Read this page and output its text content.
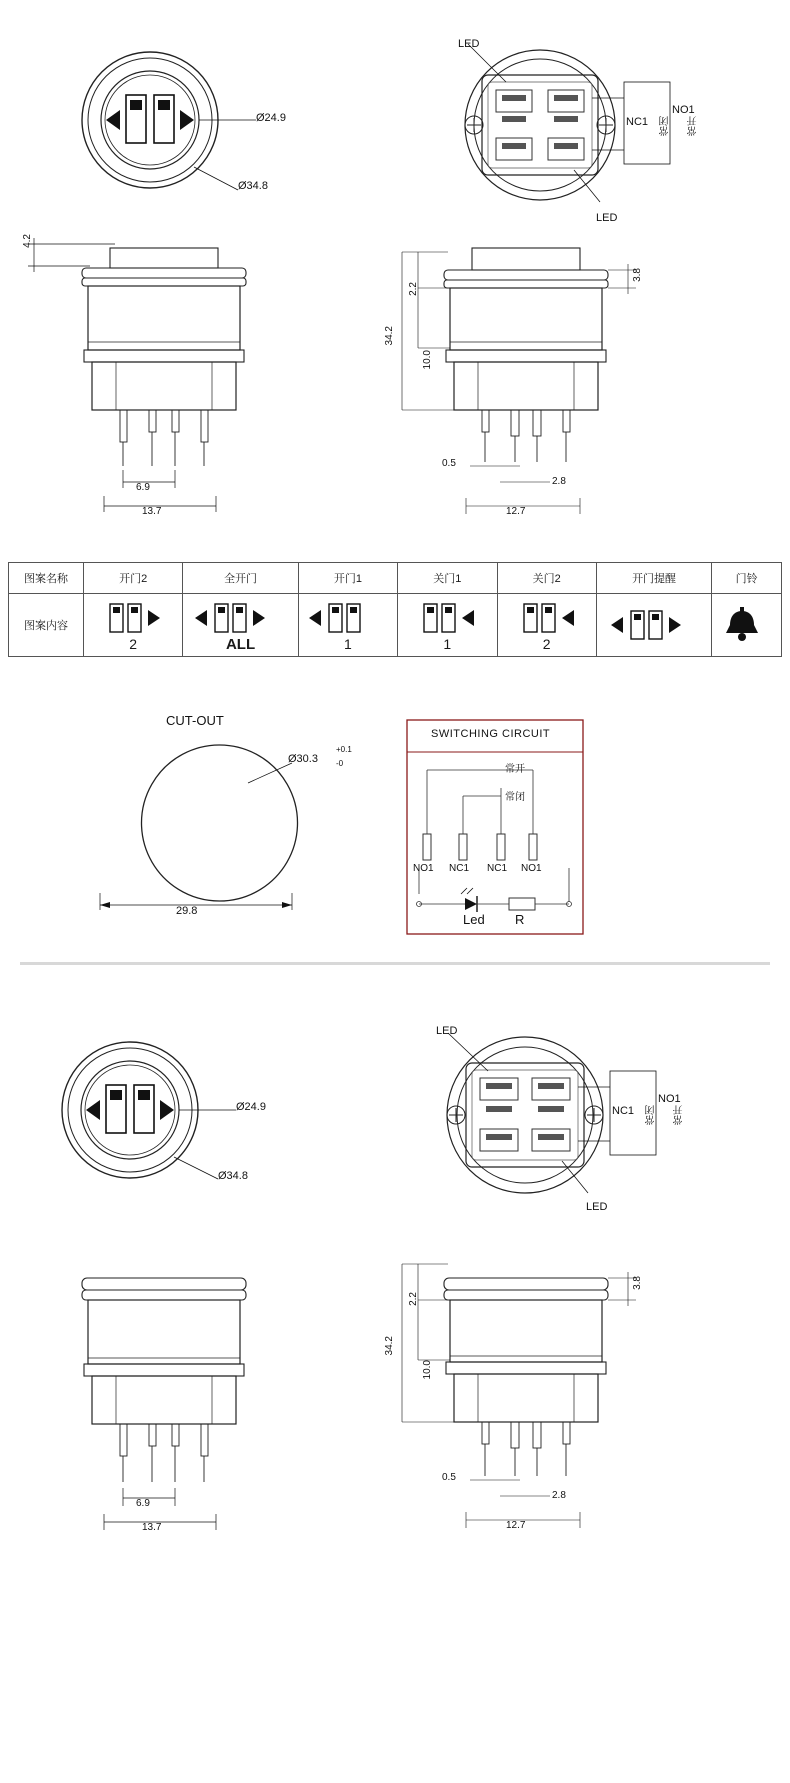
Ø24.9
Ø34.8
LED
LED
NC1 常闭
NO1
常开
4.2
6.9
13.7
2.2
34.2
10.0
3.8
0.5
2.8
12.7
图案名称	开门2	全开门	开门1	关门1	关门2	开门提醒	门铃
图案内容	2	ALL	1	1	2

CUT-OUT
Ø30.3
+0.1
-0
29.8
SWITCHING CIRCUIT
常开
常闭
NO1 NC1 NC1 NO1
Led R
Ø24.9
Ø34.8
LED
LED
NC1 常闭
NO1
常开
6.9
13.7
2.2
34.2
10.0
3.8
0.5
2.8
12.7
